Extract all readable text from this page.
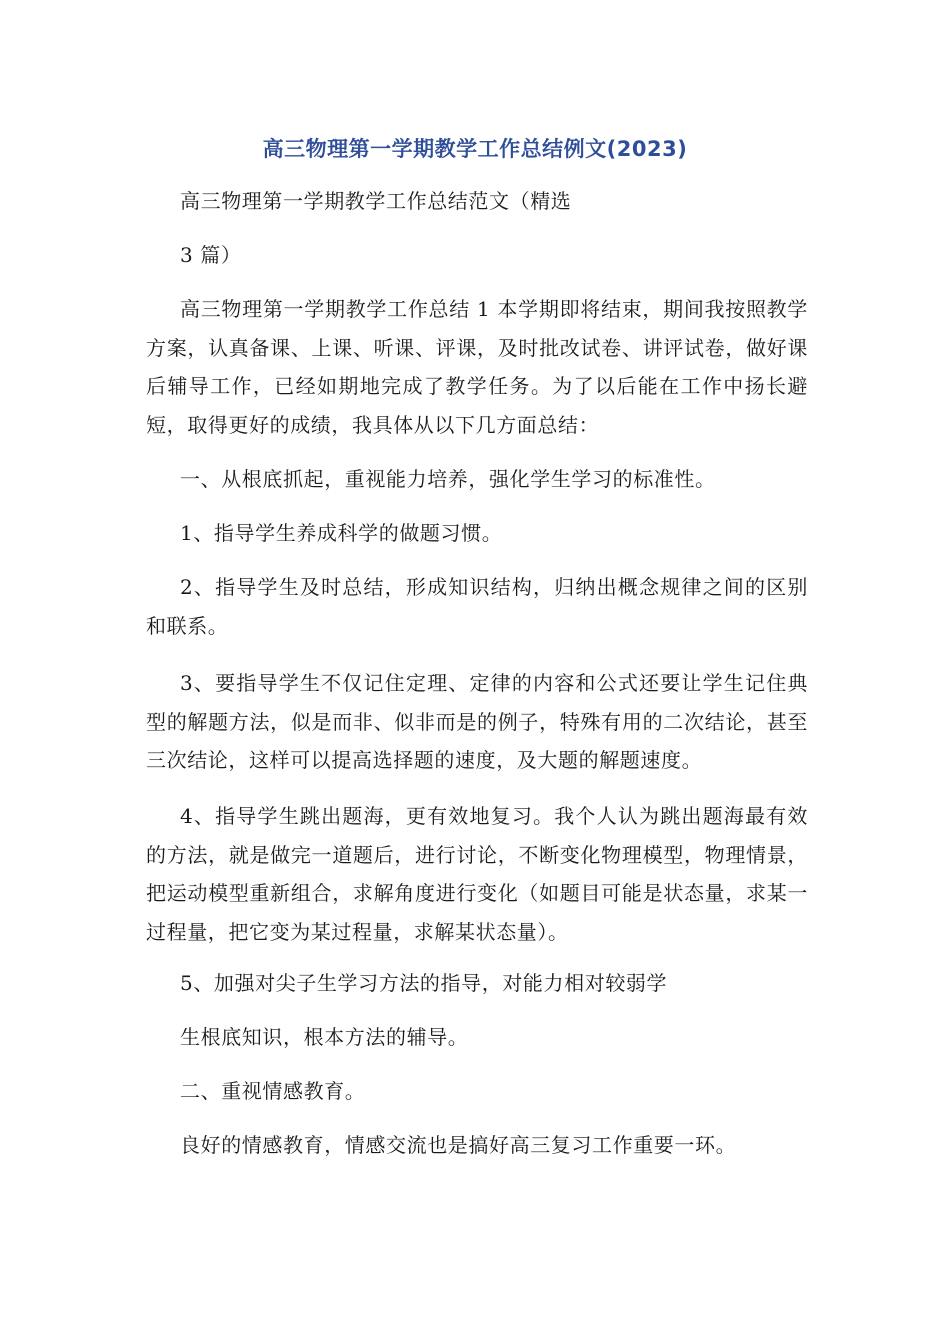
高三物理第一学期教学工作总结例文(2023)

高三物理第一学期教学工作总结范文（精选

3 篇）

高三物理第一学期教学工作总结 1 本学期即将结束，期间我按照教学方案，认真备课、上课、听课、评课，及时批改试卷、讲评试卷，做好课后辅导工作，已经如期地完成了教学任务。为了以后能在工作中扬长避短，取得更好的成绩，我具体从以下几方面总结：

一、从根底抓起，重视能力培养，强化学生学习的标准性。

1、指导学生养成科学的做题习惯。

2、指导学生及时总结，形成知识结构，归纳出概念规律之间的区别和联系。

3、要指导学生不仅记住定理、定律的内容和公式还要让学生记住典型的解题方法，似是而非、似非而是的例子，特殊有用的二次结论，甚至三次结论，这样可以提高选择题的速度，及大题的解题速度。

4、指导学生跳出题海，更有效地复习。我个人认为跳出题海最有效的方法，就是做完一道题后，进行讨论，不断变化物理模型，物理情景，把运动模型重新组合，求解角度进行变化（如题目可能是状态量，求某一过程量，把它变为某过程量，求解某状态量）。

5、加强对尖子生学习方法的指导，对能力相对较弱学

生根底知识，根本方法的辅导。

二、重视情感教育。

良好的情感教育，情感交流也是搞好高三复习工作重要一环。
